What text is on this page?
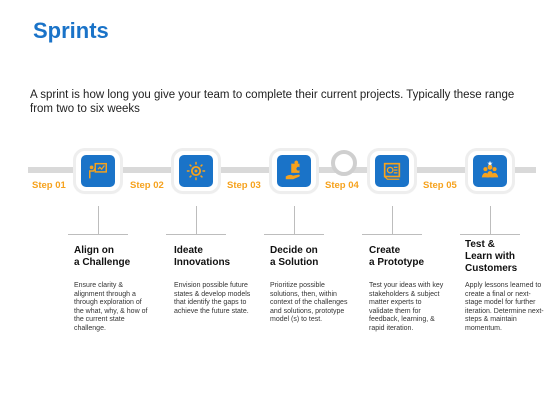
Sprints
A sprint is how long you give your team to complete their current projects. Typically these range from two to six weeks
Step 01
Align on
a Challenge
Ensure clarity & alignment through a through exploration of the what, why, & how of the current state challenge.
Step 02
Ideate
Innovations
Envision possible future states & develop models that identify the gaps to achieve the future state.
Step 03
Decide on
a Solution
Prioritize possible solutions, then, within context of the challenges and solutions, prototype model (s) to test.
Step 04
Create
a Prototype
Test your ideas with key stakeholders & subject matter experts to validate them for feedback, learning, & rapid iteration.
Step 05
Test &
Learn with
Customers
Apply lessons learned to create a final or next-stage model for further iteration. Determine next-steps & maintain momentum.
